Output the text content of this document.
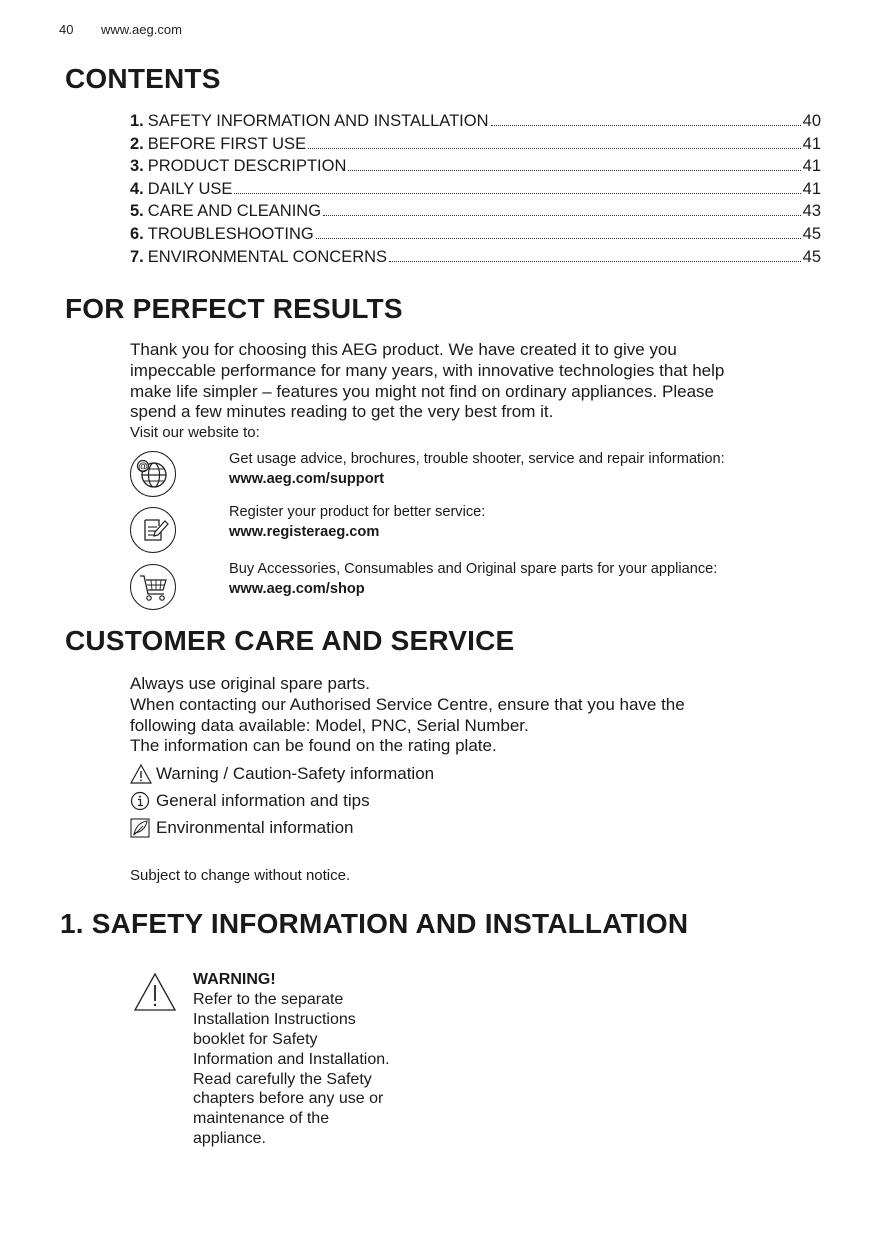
40 www.aeg.com
CONTENTS
1. SAFETY INFORMATION AND INSTALLATION	40
2. BEFORE FIRST USE	41
3. PRODUCT DESCRIPTION	41
4. DAILY USE	41
5. CARE AND CLEANING	43
6. TROUBLESHOOTING	45
7. ENVIRONMENTAL CONCERNS	45
FOR PERFECT RESULTS
Thank you for choosing this AEG product. We have created it to give you
impeccable performance for many years, with innovative technologies that help
make life simpler – features you might not find on ordinary appliances. Please
spend a few minutes reading to get the very best from it.
Visit our website to:
@	Get usage advice, brochures, trouble shooter, service and repair information:
www.aeg.com/support
Register your product for better service:
www.registeraeg.com
Buy Accessories, Consumables and Original spare parts for your appliance:
www.aeg.com/shop
CUSTOMER CARE AND SERVICE
Always use original spare parts.
When contacting our Authorised Service Centre, ensure that you have the
following data available: Model, PNC, Serial Number.
The information can be found on the rating plate.
Warning / Caution-Safety information
General information and tips
Environmental information
Subject to change without notice.
1. SAFETY INFORMATION AND INSTALLATION
WARNING!
Refer to the separate
Installation Instructions
booklet for Safety
Information and Installation.
Read carefully the Safety
chapters before any use or
maintenance of the
appliance.
